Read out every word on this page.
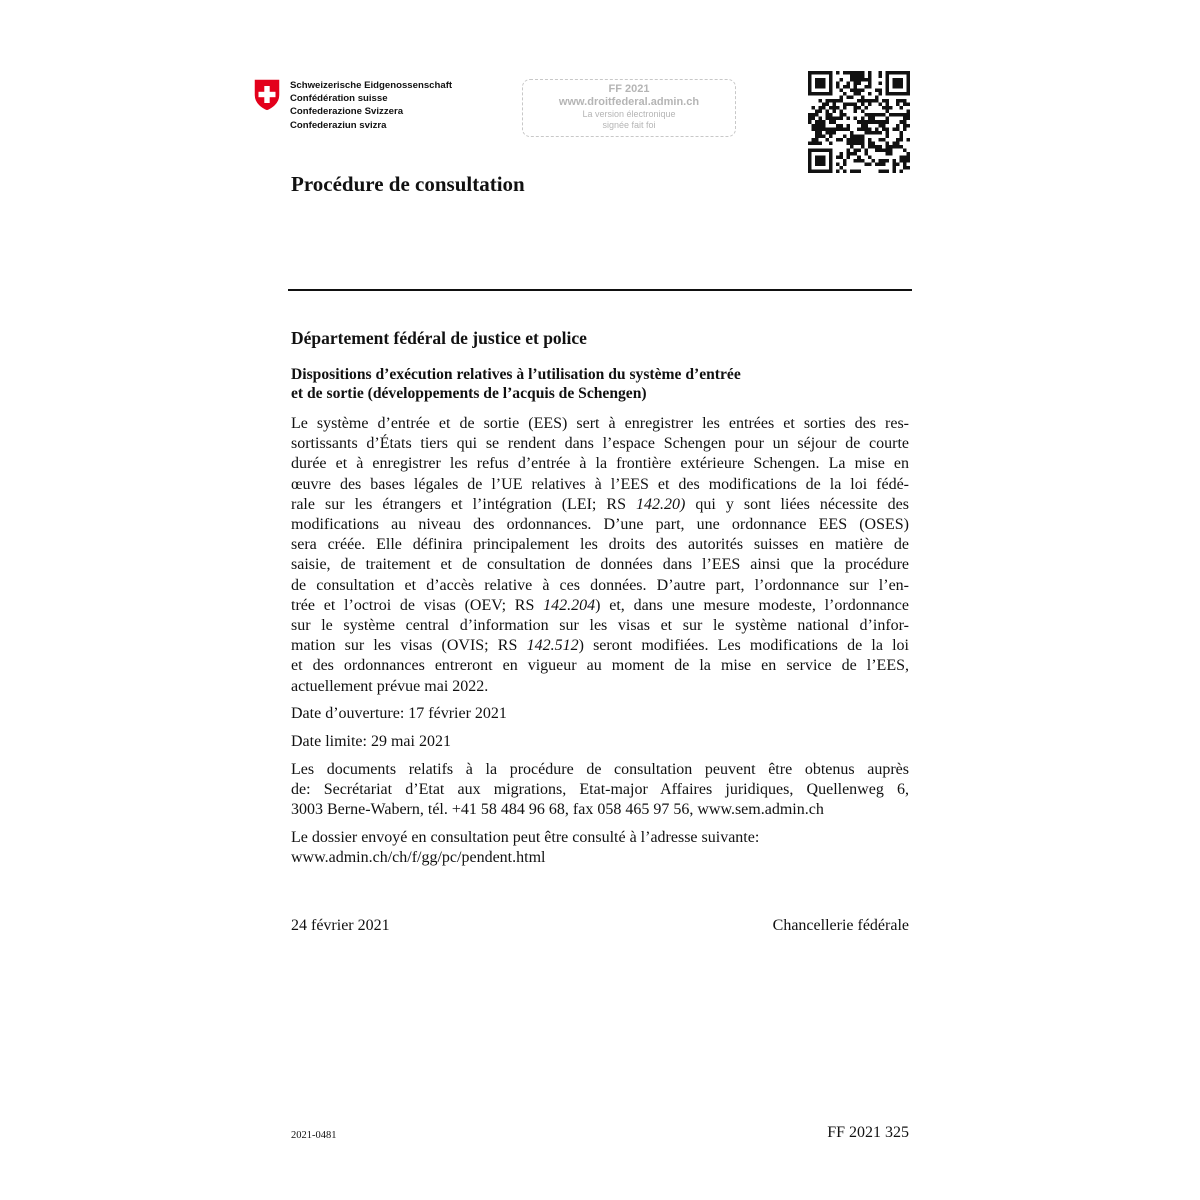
Schweizerische Eidgenossenschaft
Confédération suisse
Confederazione Svizzera
Confederaziun svizra
FF 2021
www.droitfederal.admin.ch
La version électronique
signée fait foi
Procédure de consultation
Département fédéral de justice et police
Dispositions d’exécution relatives à l’utilisation du système d’entrée
et de sortie (développements de l’acquis de Schengen)
Le système d’entrée et de sortie (EES) sert à enregistrer les entrées et sorties des res-
sortissants d’États tiers qui se rendent dans l’espace Schengen pour un séjour de courte
durée et à enregistrer les refus d’entrée à la frontière extérieure Schengen. La mise en
œuvre des bases légales de l’UE relatives à l’EES et des modifications de la loi fédé-
rale sur les étrangers et l’intégration (LEI; RS 142.20) qui y sont liées nécessite des
modifications au niveau des ordonnances. D’une part, une ordonnance EES (OSES)
sera créée. Elle définira principalement les droits des autorités suisses en matière de
saisie, de traitement et de consultation de données dans l’EES ainsi que la procédure
de consultation et d’accès relative à ces données. D’autre part, l’ordonnance sur l’en-
trée et l’octroi de visas (OEV; RS 142.204) et, dans une mesure modeste, l’ordonnance
sur le système central d’information sur les visas et sur le système national d’infor-
mation sur les visas (OVIS; RS 142.512) seront modifiées. Les modifications de la loi
et des ordonnances entreront en vigueur au moment de la mise en service de l’EES,
actuellement prévue mai 2022.
Date d’ouverture: 17 février 2021
Date limite: 29 mai 2021
Les documents relatifs à la procédure de consultation peuvent être obtenus auprès
de: Secrétariat d’Etat aux migrations, Etat-major Affaires juridiques, Quellenweg 6,
3003 Berne-Wabern, tél. +41 58 484 96 68, fax 058 465 97 56, www.sem.admin.ch
Le dossier envoyé en consultation peut être consulté à l’adresse suivante:
www.admin.ch/ch/f/gg/pc/pendent.html
24 février 2021	Chancellerie fédérale
2021-0481	FF 2021 325
